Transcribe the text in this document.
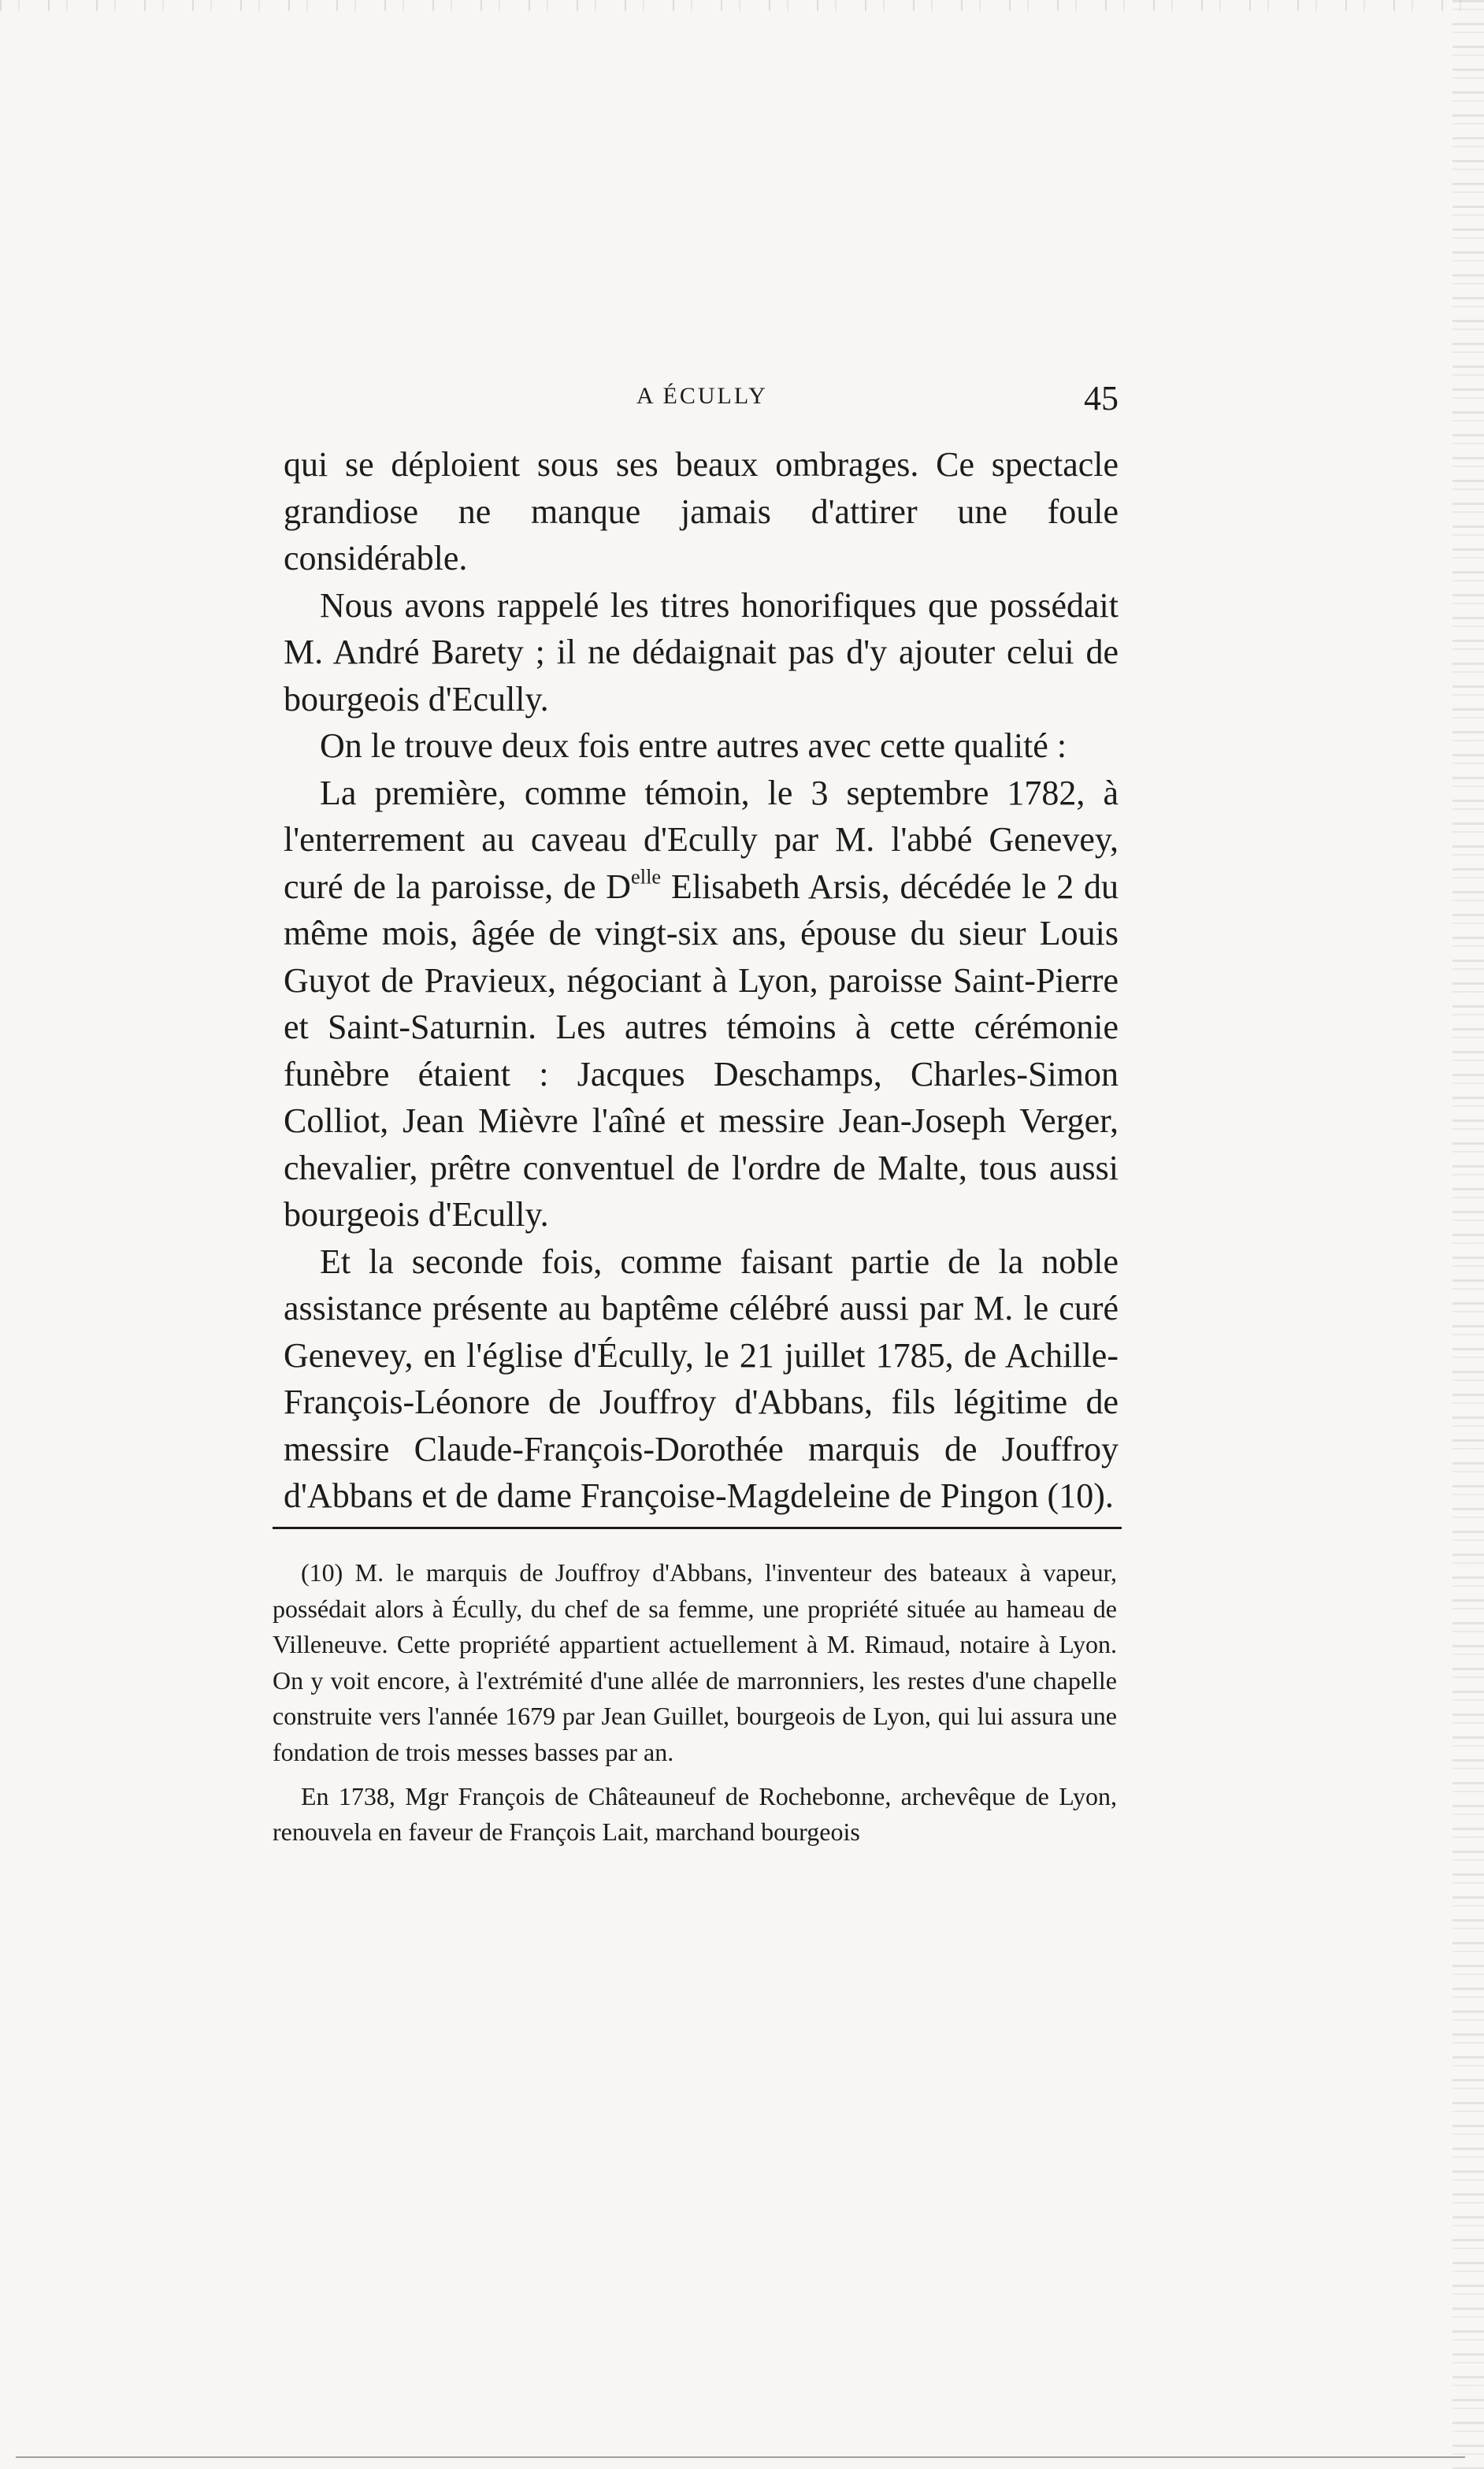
A ÉCULLY	45

qui se déploient sous ses beaux ombrages. Ce spectacle grandiose ne manque jamais d'attirer une foule considérable.

Nous avons rappelé les titres honorifiques que possédait M. André Barety ; il ne dédaignait pas d'y ajouter celui de bourgeois d'Ecully.

On le trouve deux fois entre autres avec cette qualité :

La première, comme témoin, le 3 septembre 1782, à l'enterrement au caveau d'Ecully par M. l'abbé Genevey, curé de la paroisse, de $D^{elle}$ Elisabeth Arsis, décédée le 2 du même mois, âgée de vingt-six ans, épouse du sieur Louis Guyot de Pravieux, négociant à Lyon, paroisse Saint-Pierre et Saint-Saturnin. Les autres témoins à cette cérémonie funèbre étaient : Jacques Deschamps, Charles-Simon Colliot, Jean Mièvre l'aîné et messire Jean-Joseph Verger, chevalier, prêtre conventuel de l'ordre de Malte, tous aussi bourgeois d'Ecully.

Et la seconde fois, comme faisant partie de la noble assistance présente au baptême célébré aussi par M. le curé Genevey, en l'église d'Écully, le 21 juillet 1785, de Achille-François-Léonore de Jouffroy d'Abbans, fils légitime de messire Claude-François-Dorothée marquis de Jouffroy d'Abbans et de dame Françoise-Magdeleine de Pingon (10).

(10) M. le marquis de Jouffroy d'Abbans, l'inventeur des bateaux à vapeur, possédait alors à Écully, du chef de sa femme, une propriété située au hameau de Villeneuve. Cette propriété appartient actuellement à M. Rimaud, notaire à Lyon. On y voit encore, à l'extrémité d'une allée de marronniers, les restes d'une chapelle construite vers l'année 1679 par Jean Guillet, bourgeois de Lyon, qui lui assura une fondation de trois messes basses par an.

En 1738, Mgr François de Châteauneuf de Rochebonne, archevêque de Lyon, renouvela en faveur de François Lait, marchand bourgeois
